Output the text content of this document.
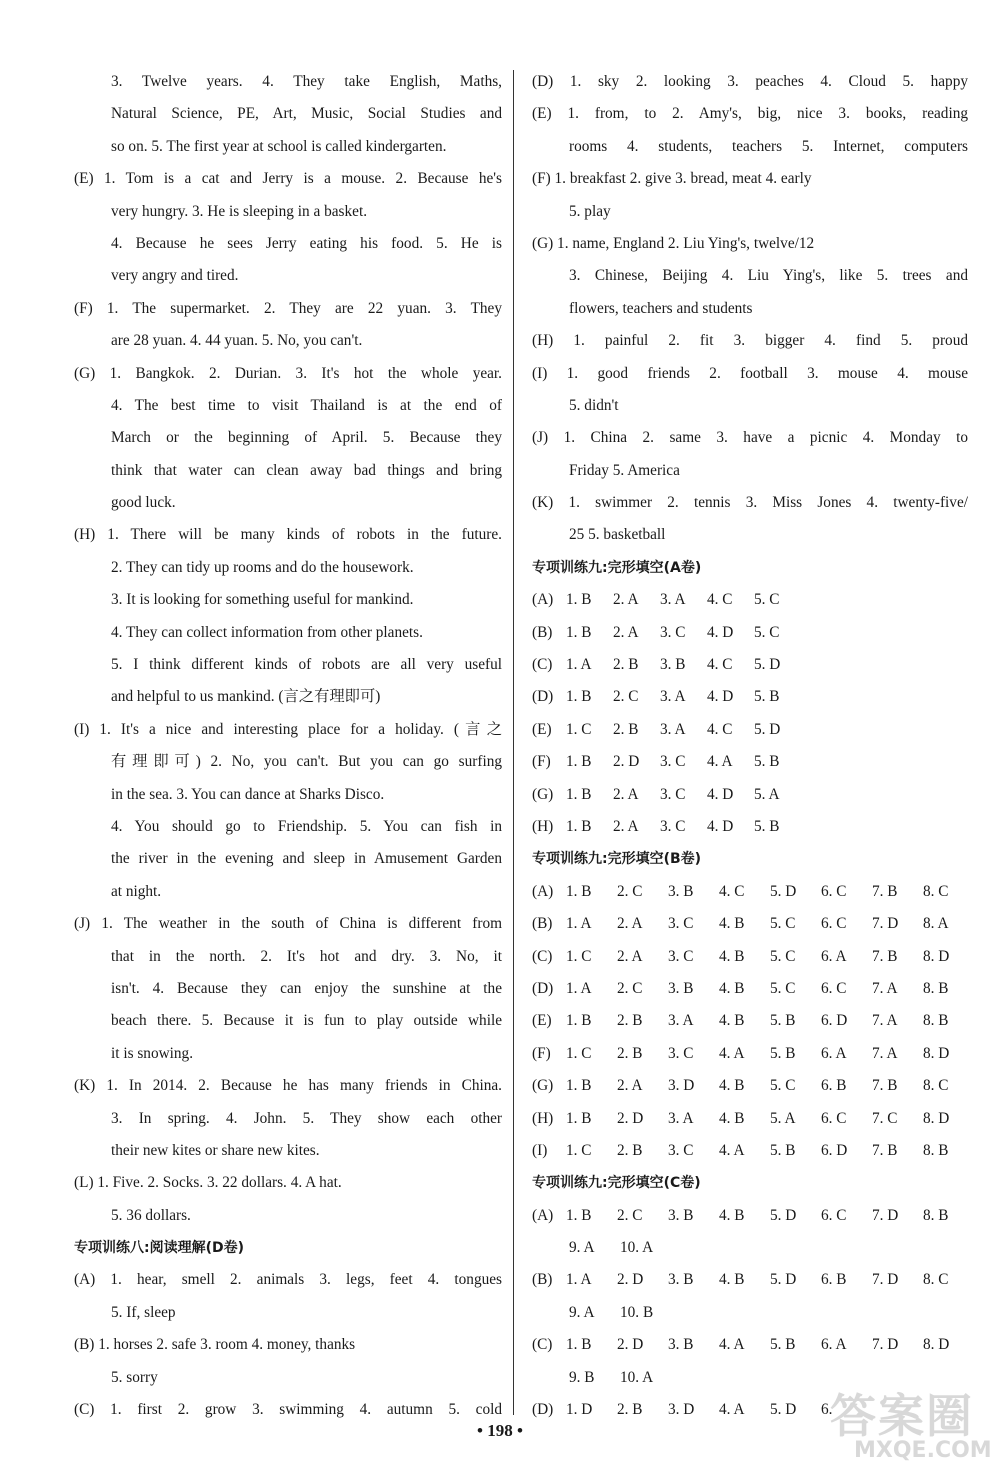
3. Twelve years. 4. They take English, Maths,
Natural Science, PE, Art, Music, Social Studies and
so on. 5. The first year at school is called kindergarten.
(E) 1. Tom is a cat and Jerry is a mouse. 2. Because he's
very hungry. 3. He is sleeping in a basket.
4. Because he sees Jerry eating his food. 5. He is
very angry and tired.
(F) 1. The supermarket. 2. They are 22 yuan. 3. They
are 28 yuan. 4. 44 yuan. 5. No, you can't.
(G) 1. Bangkok. 2. Durian. 3. It's hot the whole year.
4. The best time to visit Thailand is at the end of
March or the beginning of April. 5. Because they
think that water can clean away bad things and bring
good luck.
(H) 1. There will be many kinds of robots in the future.
2. They can tidy up rooms and do the housework.
3. It is looking for something useful for mankind.
4. They can collect information from other planets.
5. I think different kinds of robots are all very useful
and helpful to us mankind. (言之有理即可)
(I) 1. It's a nice and interesting place for a holiday. (言之
有理即可) 2. No, you can't. But you can go surfing
in the sea. 3. You can dance at Sharks Disco.
4. You should go to Friendship. 5. You can fish in
the river in the evening and sleep in Amusement Garden
at night.
(J) 1. The weather in the south of China is different from
that in the north. 2. It's hot and dry. 3. No, it
isn't. 4. Because they can enjoy the sunshine at the
beach there. 5. Because it is fun to play outside while
it is snowing.
(K) 1. In 2014. 2. Because he has many friends in China.
3. In spring. 4. John. 5. They show each other
their new kites or share new kites.
(L) 1. Five. 2. Socks. 3. 22 dollars. 4. A hat.
5. 36 dollars.
专项训练八:阅读理解(D卷)
(A) 1. hear, smell 2. animals 3. legs, feet 4. tongues
5. If, sleep
(B) 1. horses 2. safe 3. room 4. money, thanks
5. sorry
(C) 1. first 2. grow 3. swimming 4. autumn 5. cold
(D) 1. sky 2. looking 3. peaches 4. Cloud 5. happy
(E) 1. from, to 2. Amy's, big, nice 3. books, reading
rooms 4. students, teachers 5. Internet, computers
(F) 1. breakfast 2. give 3. bread, meat 4. early
5. play
(G) 1. name, England 2. Liu Ying's, twelve/12
3. Chinese, Beijing 4. Liu Ying's, like 5. trees and
flowers, teachers and students
(H) 1. painful 2. fit 3. bigger 4. find 5. proud
(I) 1. good friends 2. football 3. mouse 4. mouse
5. didn't
(J) 1. China 2. same 3. have a picnic 4. Monday to
Friday 5. America
(K) 1. swimmer 2. tennis 3. Miss Jones 4. twenty-five/
25 5. basketball
专项训练九:完形填空(A卷)
(A) 1. B 2. A 3. A 4. C 5. C
(B) 1. B 2. A 3. C 4. D 5. C
(C) 1. A 2. B 3. B 4. C 5. D
(D) 1. B 2. C 3. A 4. D 5. B
(E) 1. C 2. B 3. A 4. C 5. D
(F) 1. B 2. D 3. C 4. A 5. B
(G) 1. B 2. A 3. C 4. D 5. A
(H) 1. B 2. A 3. C 4. D 5. B
专项训练九:完形填空(B卷)
(A) 1. B 2. C 3. B 4. C 5. D 6. C 7. B 8. C
(B) 1. A 2. A 3. C 4. B 5. C 6. C 7. D 8. A
(C) 1. C 2. A 3. C 4. B 5. C 6. A 7. B 8. D
(D) 1. A 2. C 3. B 4. B 5. C 6. C 7. A 8. B
(E) 1. B 2. B 3. A 4. B 5. B 6. D 7. A 8. B
(F) 1. C 2. B 3. C 4. A 5. B 6. A 7. A 8. D
(G) 1. B 2. A 3. D 4. B 5. C 6. B 7. B 8. C
(H) 1. B 2. D 3. A 4. B 5. A 6. C 7. C 8. D
(I) 1. C 2. B 3. C 4. A 5. B 6. D 7. B 8. B
专项训练九:完形填空(C卷)
(A) 1. B 2. C 3. B 4. B 5. D 6. C 7. D 8. B
9. A 10. A
(B) 1. A 2. D 3. B 4. B 5. D 6. B 7. D 8. C
9. A 10. B
(C) 1. B 2. D 3. B 4. A 5. B 6. A 7. D 8. D
9. B 10. A
(D) 1. D 2. B 3. D 4. A 5. D 6.
• 198 •	答案圈
MXQE.COM
